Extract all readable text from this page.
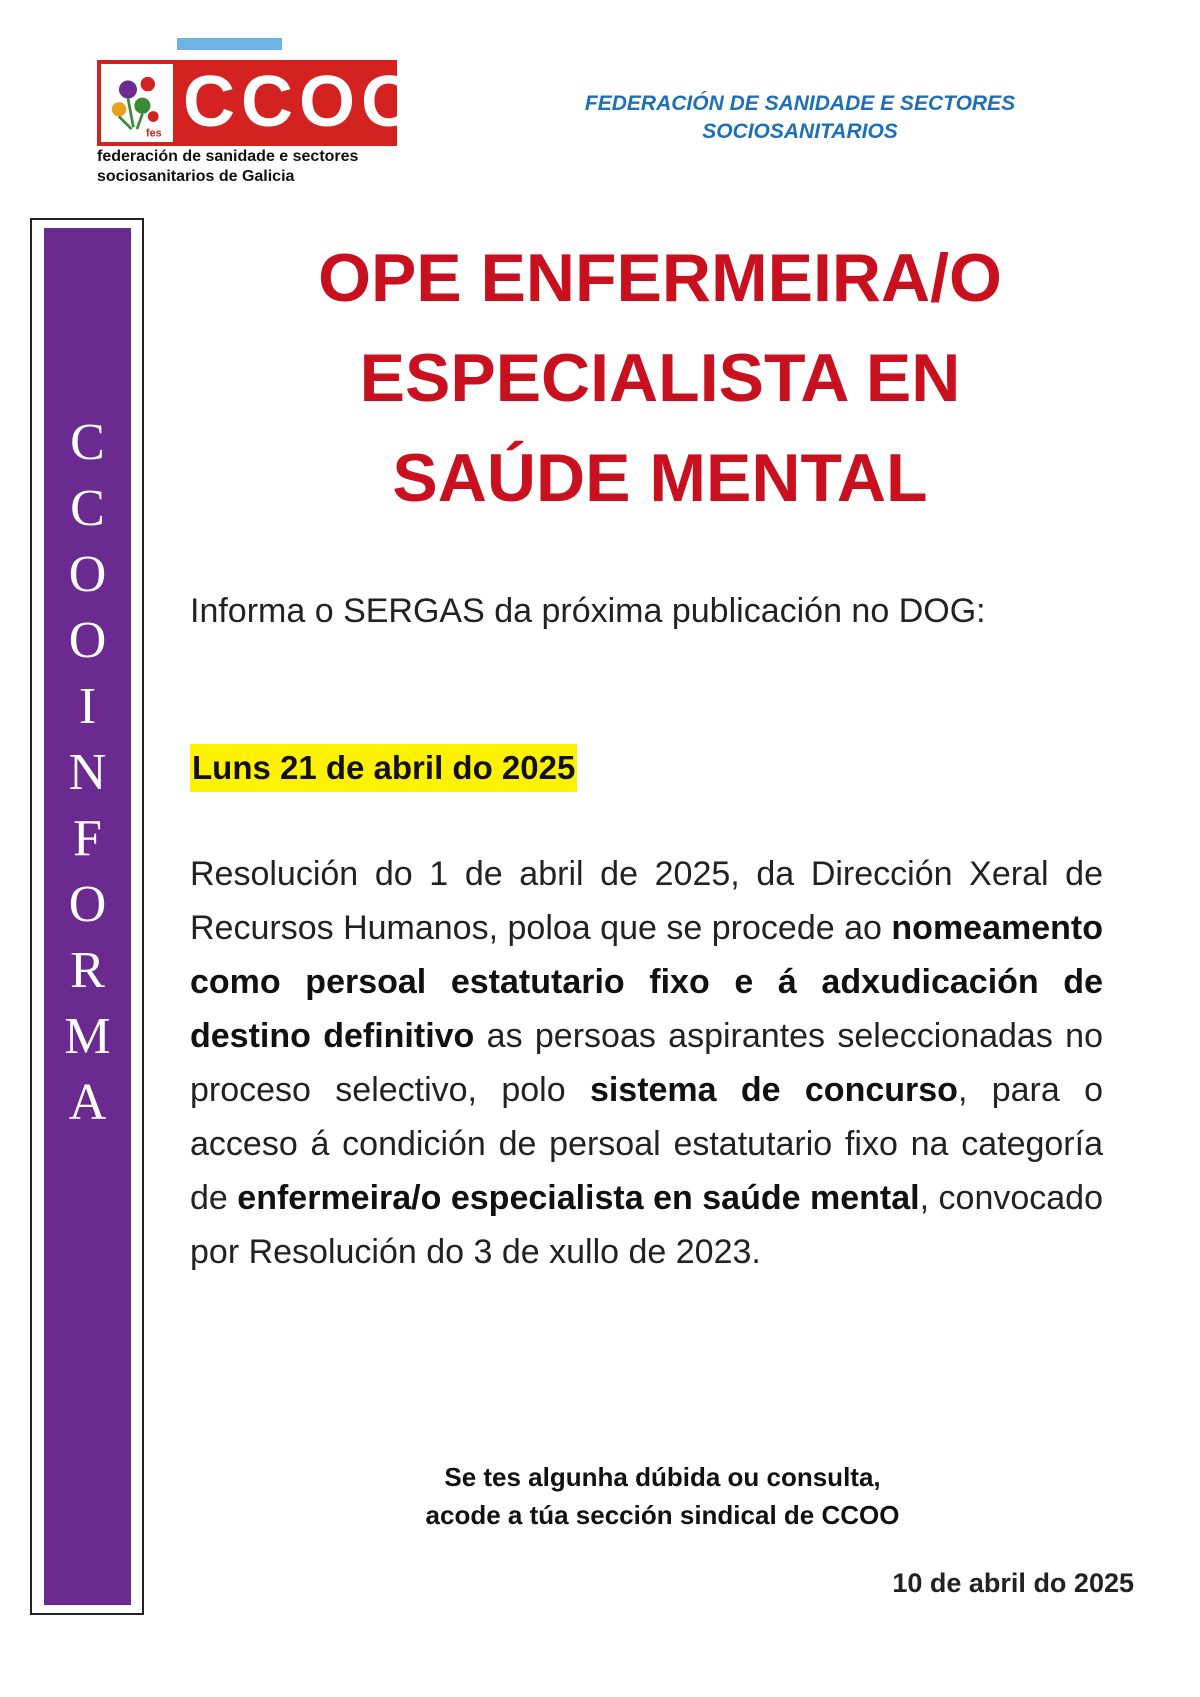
fes CCOO
federación de sanidade e sectores
sociosanitarios de Galicia
FEDERACIÓN DE SANIDADE E SECTORES
SOCIOSANITARIOS
C
C
O
O
I
N
F
O
R
M
A
OPE ENFERMEIRA/O
ESPECIALISTA EN
SAÚDE MENTAL
Informa o SERGAS da próxima publicación no DOG:
Luns 21 de abril do 2025
Resolución do 1 de abril de 2025, da Dirección Xeral de Recursos Humanos, poloa que se procede ao nomeamento como persoal estatutario fixo e á adxudicación de destino definitivo as persoas aspirantes seleccionadas no proceso selectivo, polo sistema de concurso, para o acceso á condición de persoal estatutario fixo na categoría de enfermeira/o especialista en saúde mental, convocado por Resolución do 3 de xullo de 2023.
Se tes algunha dúbida ou consulta,
acode a túa sección sindical de CCOO
10 de abril do 2025
